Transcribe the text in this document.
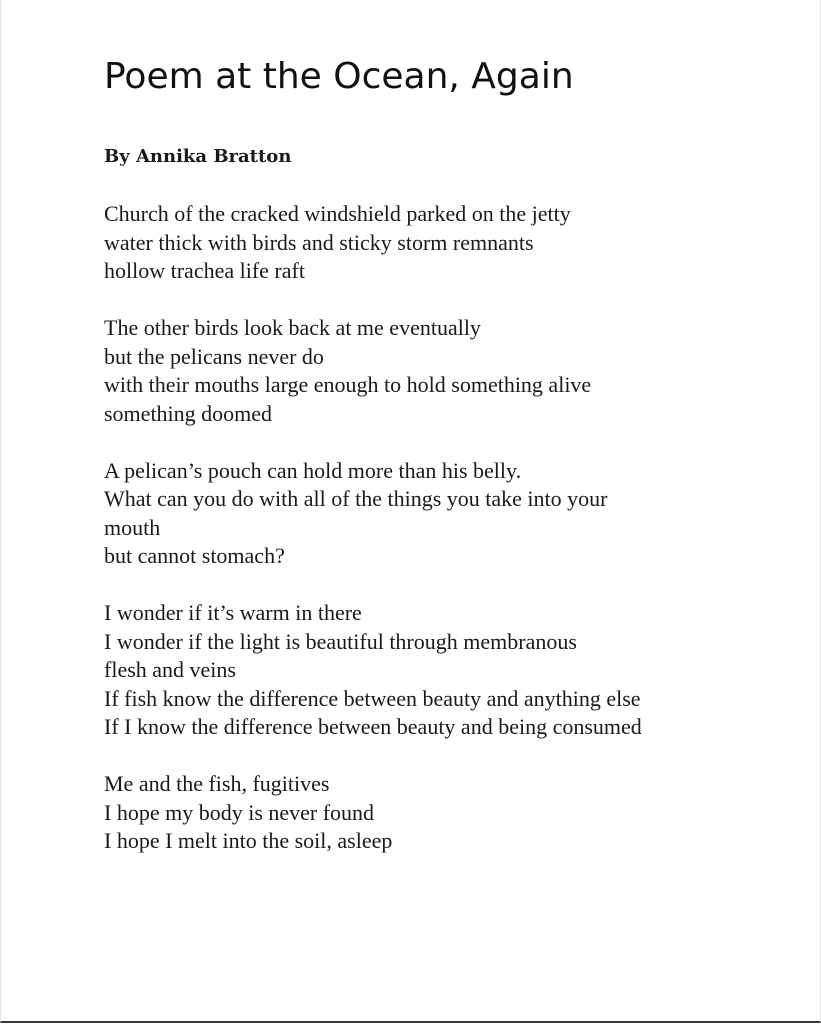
Poem at the Ocean, Again

By Annika Bratton

Church of the cracked windshield parked on the jetty
water thick with birds and sticky storm remnants
hollow trachea life raft

The other birds look back at me eventually
but the pelicans never do
with their mouths large enough to hold something alive
something doomed

A pelican’s pouch can hold more than his belly.
What can you do with all of the things you take into your
mouth
but cannot stomach?

I wonder if it’s warm in there
I wonder if the light is beautiful through membranous
flesh and veins
If fish know the difference between beauty and anything else
If I know the difference between beauty and being consumed

Me and the fish, fugitives
I hope my body is never found
I hope I melt into the soil, asleep
